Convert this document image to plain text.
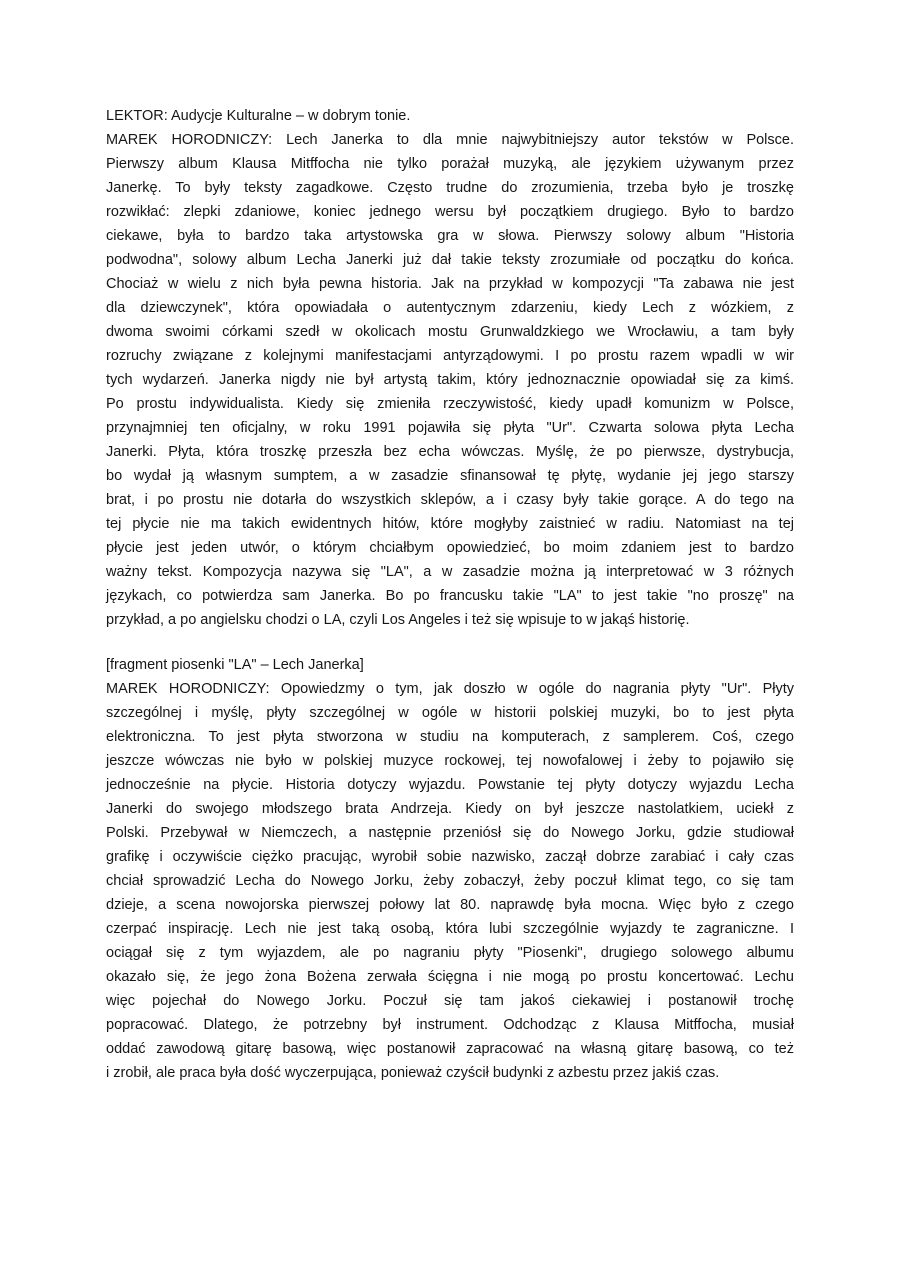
LEKTOR: Audycje Kulturalne – w dobrym tonie.

MAREK HORODNICZY: Lech Janerka to dla mnie najwybitniejszy autor tekstów w Polsce.
Pierwszy album Klausa Mitffocha nie tylko porażał muzyką, ale językiem używanym przez
Janerkę. To były teksty zagadkowe. Często trudne do zrozumienia, trzeba było je troszkę
rozwikłać: zlepki zdaniowe, koniec jednego wersu był początkiem drugiego. Było to bardzo
ciekawe, była to bardzo taka artystowska gra w słowa. Pierwszy solowy album "Historia
podwodna", solowy album Lecha Janerki już dał takie teksty zrozumiałe od początku do końca.
Chociaż w wielu z nich była pewna historia. Jak na przykład w kompozycji "Ta zabawa nie jest
dla dziewczynek", która opowiadała o autentycznym zdarzeniu, kiedy Lech z wózkiem, z
dwoma swoimi córkami szedł w okolicach mostu Grunwaldzkiego we Wrocławiu, a tam były
rozruchy związane z kolejnymi manifestacjami antyrządowymi. I po prostu razem wpadli w wir
tych wydarzeń. Janerka nigdy nie był artystą takim, który jednoznacznie opowiadał się za kimś.
Po prostu indywidualista. Kiedy się zmieniła rzeczywistość, kiedy upadł komunizm w Polsce,
przynajmniej ten oficjalny, w roku 1991 pojawiła się płyta "Ur". Czwarta solowa płyta Lecha
Janerki. Płyta, która troszkę przeszła bez echa wówczas. Myślę, że po pierwsze, dystrybucja,
bo wydał ją własnym sumptem, a w zasadzie sfinansował tę płytę, wydanie jej jego starszy
brat, i po prostu nie dotarła do wszystkich sklepów, a i czasy były takie gorące. A do tego na
tej płycie nie ma takich ewidentnych hitów, które mogłyby zaistnieć w radiu. Natomiast na tej
płycie jest jeden utwór, o którym chciałbym opowiedzieć, bo moim zdaniem jest to bardzo
ważny tekst. Kompozycja nazywa się "LA", a w zasadzie można ją interpretować w 3 różnych
językach, co potwierdza sam Janerka. Bo po francusku takie "LA" to jest takie "no proszę" na
przykład, a po angielsku chodzi o LA, czyli Los Angeles i też się wpisuje to w jakąś historię.

[fragment piosenki "LA" – Lech Janerka]

MAREK HORODNICZY: Opowiedzmy o tym, jak doszło w ogóle do nagrania płyty "Ur". Płyty
szczególnej i myślę, płyty szczególnej w ogóle w historii polskiej muzyki, bo to jest płyta
elektroniczna. To jest płyta stworzona w studiu na komputerach, z samplerem. Coś, czego
jeszcze wówczas nie było w polskiej muzyce rockowej, tej nowofalowej i żeby to pojawiło się
jednocześnie na płycie. Historia dotyczy wyjazdu. Powstanie tej płyty dotyczy wyjazdu Lecha
Janerki do swojego młodszego brata Andrzeja. Kiedy on był jeszcze nastolatkiem, uciekł z
Polski. Przebywał w Niemczech, a następnie przeniósł się do Nowego Jorku, gdzie studiował
grafikę i oczywiście ciężko pracując, wyrobił sobie nazwisko, zaczął dobrze zarabiać i cały czas
chciał sprowadzić Lecha do Nowego Jorku, żeby zobaczył, żeby poczuł klimat tego, co się tam
dzieje, a scena nowojorska pierwszej połowy lat 80. naprawdę była mocna. Więc było z czego
czerpać inspirację. Lech nie jest taką osobą, która lubi szczególnie wyjazdy te zagraniczne. I
ociągał się z tym wyjazdem, ale po nagraniu płyty "Piosenki", drugiego solowego albumu
okazało się, że jego żona Bożena zerwała ścięgna i nie mogą po prostu koncertować. Lechu
więc pojechał do Nowego Jorku. Poczuł się tam jakoś ciekawiej i postanowił trochę
popracować. Dlatego, że potrzebny był instrument. Odchodząc z Klausa Mitffocha, musiał
oddać zawodową gitarę basową, więc postanowił zapracować na własną gitarę basową, co też
i zrobił, ale praca była dość wyczerpująca, ponieważ czyścił budynki z azbestu przez jakiś czas.
